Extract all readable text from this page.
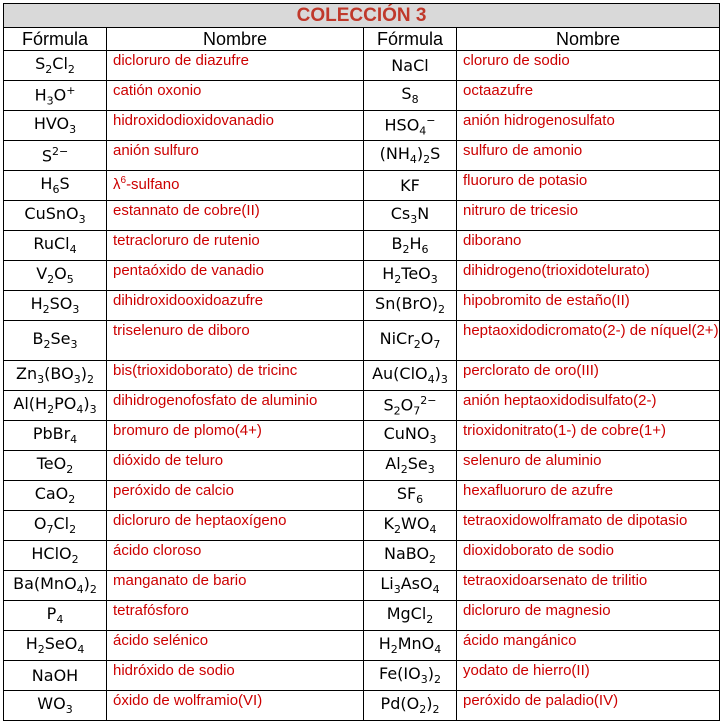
COLECCIÓN 3			
Fórmula	Nombre	Fórmula	Nombre
$S_2Cl_2$	dicloruro de diazufre	NaCl	cloruro de sodio
$H_3O^+$	catión oxonio	$S_8$	octaazufre
$HVO_3$	hidroxidodioxidovanadio	$HSO_4^-$	anión hidrogenosulfato
$S^{2-}$	anión sulfuro	$(NH_4)_2S$	sulfuro de amonio
$H_6S$	$\lambda^6$-sulfano	KF	fluoruro de potasio
CuSnO$_3$	estannato de cobre(II)	$Cs_3N$	nitruro de tricesio
RuCl$_4$	tetracloruro de rutenio	$B_2H_6$	diborano
$V_2O_5$	pentaóxido de vanadio	$H_2TeO_3$	dihidrogeno(trioxidotelurato)
$H_2SO_3$	dihidroxidooxidoazufre	$Sn(BrO)_2$	hipobromito de estaño(II)
$B_2Se_3$	triselenuro de diboro	$NiCr_2O_7$	heptaoxidodicromato(2-) de níquel(2+)
$Zn_3(BO_3)_2$	bis(trioxidoborato) de tricinc	$Au(ClO_4)_3$	perclorato de oro(III)
$Al(H_2PO_4)_3$	dihidrogenofosfato de aluminio	$S_2O_7^{2-}$	anión heptaoxidodisulfato(2-)
PbBr$_4$	bromuro de plomo(4+)	CuNO$_3$	trioxidonitrato(1-) de cobre(1+)
TeO$_2$	dióxido de teluro	$Al_2Se_3$	selenuro de aluminio
CaO$_2$	peróxido de calcio	$SF_6$	hexafluoruro de azufre
$O_7Cl_2$	dicloruro de heptaoxígeno	$K_2WO_4$	tetraoxidowolframato de dipotasio
HClO$_2$	ácido cloroso	NaBO$_2$	dioxidoborato de sodio
$Ba(MnO_4)_2$	manganato de bario	$Li_3AsO_4$	tetraoxidoarsenato de trilitio
$P_4$	tetrafósforo	MgCl$_2$	dicloruro de magnesio
$H_2SeO_4$	ácido selénico	$H_2MnO_4$	ácido mangánico
NaOH	hidróxido de sodio	$Fe(IO_3)_2$	yodato de hierro(II)
$WO_3$	óxido de wolframio(VI)	$Pd(O_2)_2$	peróxido de paladio(IV)
